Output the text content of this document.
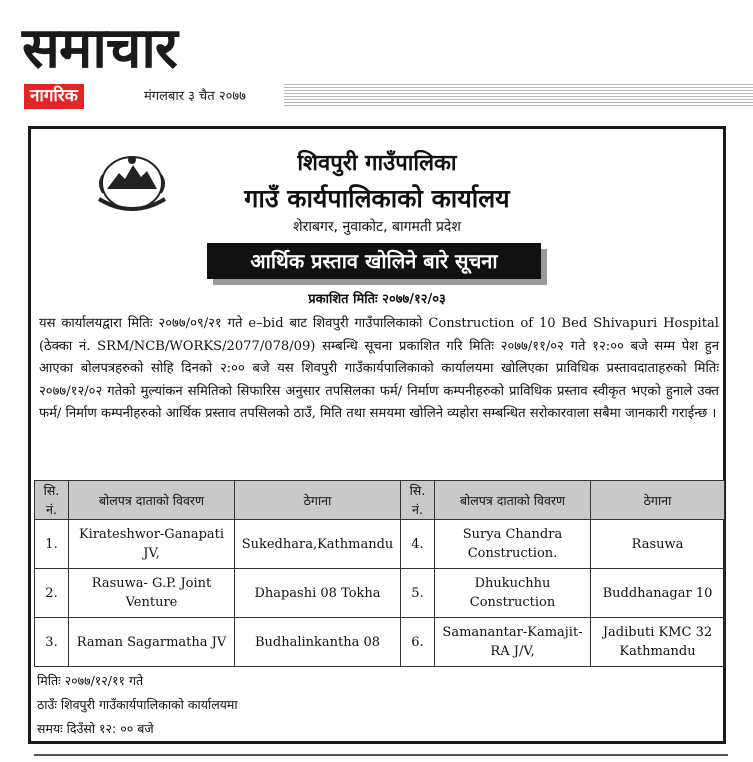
समाचार
नागरिक	मंगलबार ३ चैत २०७७
शिवपुरी गाउँपालिका
गाउँ कार्यपालिकाको कार्यालय
शेराबगर, नुवाकोट, बागमती प्रदेश
आर्थिक प्रस्ताव खोलिने बारे सूचना
प्रकाशित मितिः २०७७/१२/०३
यस कार्यालयद्वारा मितिः २०७७/०९/२१ गते e–bid बाट शिवपुरी गाउँपालिकाको Construction of 10 Bed Shivapuri Hospital (ठेक्का नं. SRM/NCB/WORKS/2077/078/09) सम्बन्धि सूचना प्रकाशित गरि मितिः २०७७/११/०२ गते १२:०० बजे सम्म पेश हुन आएका बोलपत्रहरुको सोहि दिनको २:०० बजे यस शिवपुरी गाउँकार्यपालिकाको कार्यालयमा खोलिएका प्राविधिक प्रस्तावदाताहरुको मितिः २०७७/१२/०२ गतेको मुल्यांकन समितिको सिफारिस अनुसार तपसिलका फर्म/ निर्माण कम्पनीहरुको प्राविधिक प्रस्ताव स्वीकृत भएको हुनाले उक्त फर्म/ निर्माण कम्पनीहरुको आर्थिक प्रस्ताव तपसिलको ठाउँ, मिति तथा समयमा खोलिने व्यहोरा सम्बन्धित सरोकारवाला सबैमा जानकारी गराईन्छ ।
सि. नं.	बोलपत्र दाताको विवरण	ठेगाना	सि. नं.	बोलपत्र दाताको विवरण	ठेगाना
1.	Kirateshwor-Ganapati JV,	Sukedhara,Kathmandu	4.	Surya Chandra Construction.	Rasuwa
2.	Rasuwa- G.P. Joint Venture	Dhapashi 08 Tokha	5.	Dhukuchhu Construction	Buddhanagar 10
3.	Raman Sagarmatha JV	Budhalinkantha 08	6.	Samanantar-Kamajit-RA J/V,	Jadibuti KMC 32 Kathmandu
मितिः २०७७/१२/११ गते
ठाउँः शिवपुरी गाउँकार्यपालिकाको कार्यालयमा
समयः दिउँसो १२: ०० बजे
